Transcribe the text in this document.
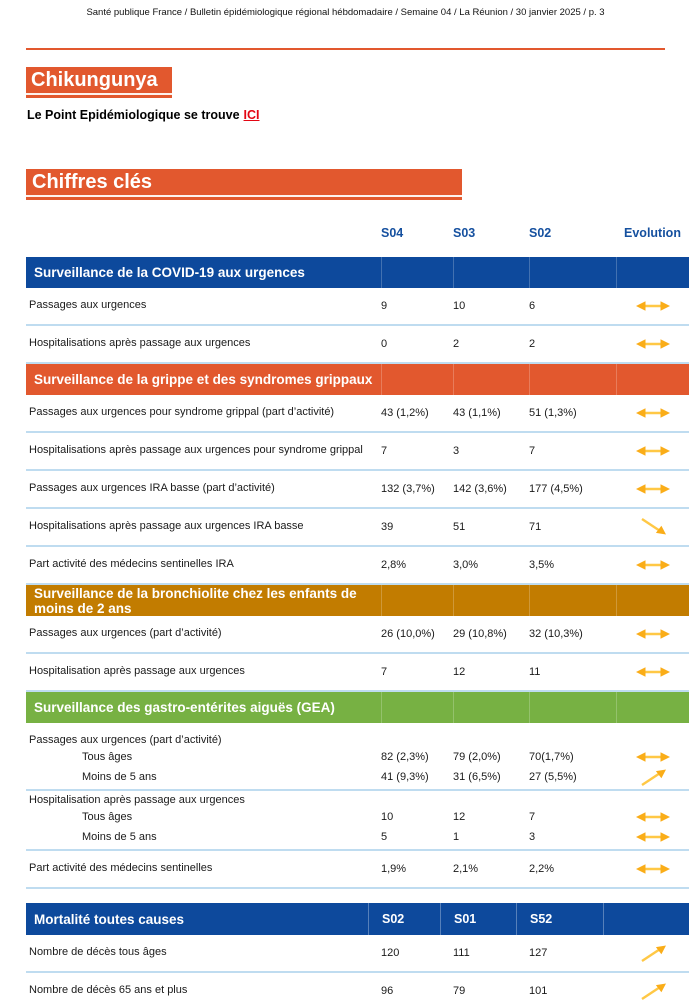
Santé publique France / Bulletin épidémiologique régional hébdomadaire / Semaine 04 / La Réunion / 30 janvier 2025 / p. 3
Chikungunya
Le Point Epidémiologique se trouve ICI
Chiffres clés
S04	S03	S02	Evolution
Surveillance de la COVID-19 aux urgences
Passages aux urgences	9	10	6
Hospitalisations après passage aux urgences	0	2	2
Surveillance de la grippe et des syndromes grippaux
Passages aux urgences pour syndrome grippal (part d’activité)	43 (1,2%)	43 (1,1%)	51 (1,3%)
Hospitalisations après passage aux urgences pour syndrome grippal	7	3	7
Passages aux urgences IRA basse (part d’activité)	132 (3,7%)	142 (3,6%)	177 (4,5%)
Hospitalisations après passage aux urgences IRA basse	39	51	71
Part activité des médecins sentinelles IRA	2,8%	3,0%	3,5%
Surveillance de la bronchiolite chez les enfants de moins de 2 ans
Passages aux urgences (part d’activité)	26 (10,0%)	29 (10,8%)	32 (10,3%)
Hospitalisation après passage aux urgences	7	12	11
Surveillance des gastro-entérites aiguës (GEA)
Passages aux urgences (part d’activité)
Tous âges	82 (2,3%)	79 (2,0%)	70(1,7%)
Moins de 5 ans	41 (9,3%)	31 (6,5%)	27 (5,5%)
Hospitalisation après passage aux urgences
Tous âges	10	12	7
Moins de 5 ans	5	1	3
Part activité des médecins sentinelles	1,9%	2,1%	2,2%
Mortalité toutes causes	S02	S01	S52
Nombre de décès tous âges	120	111	127
Nombre de décès 65 ans et plus	96	79	101
